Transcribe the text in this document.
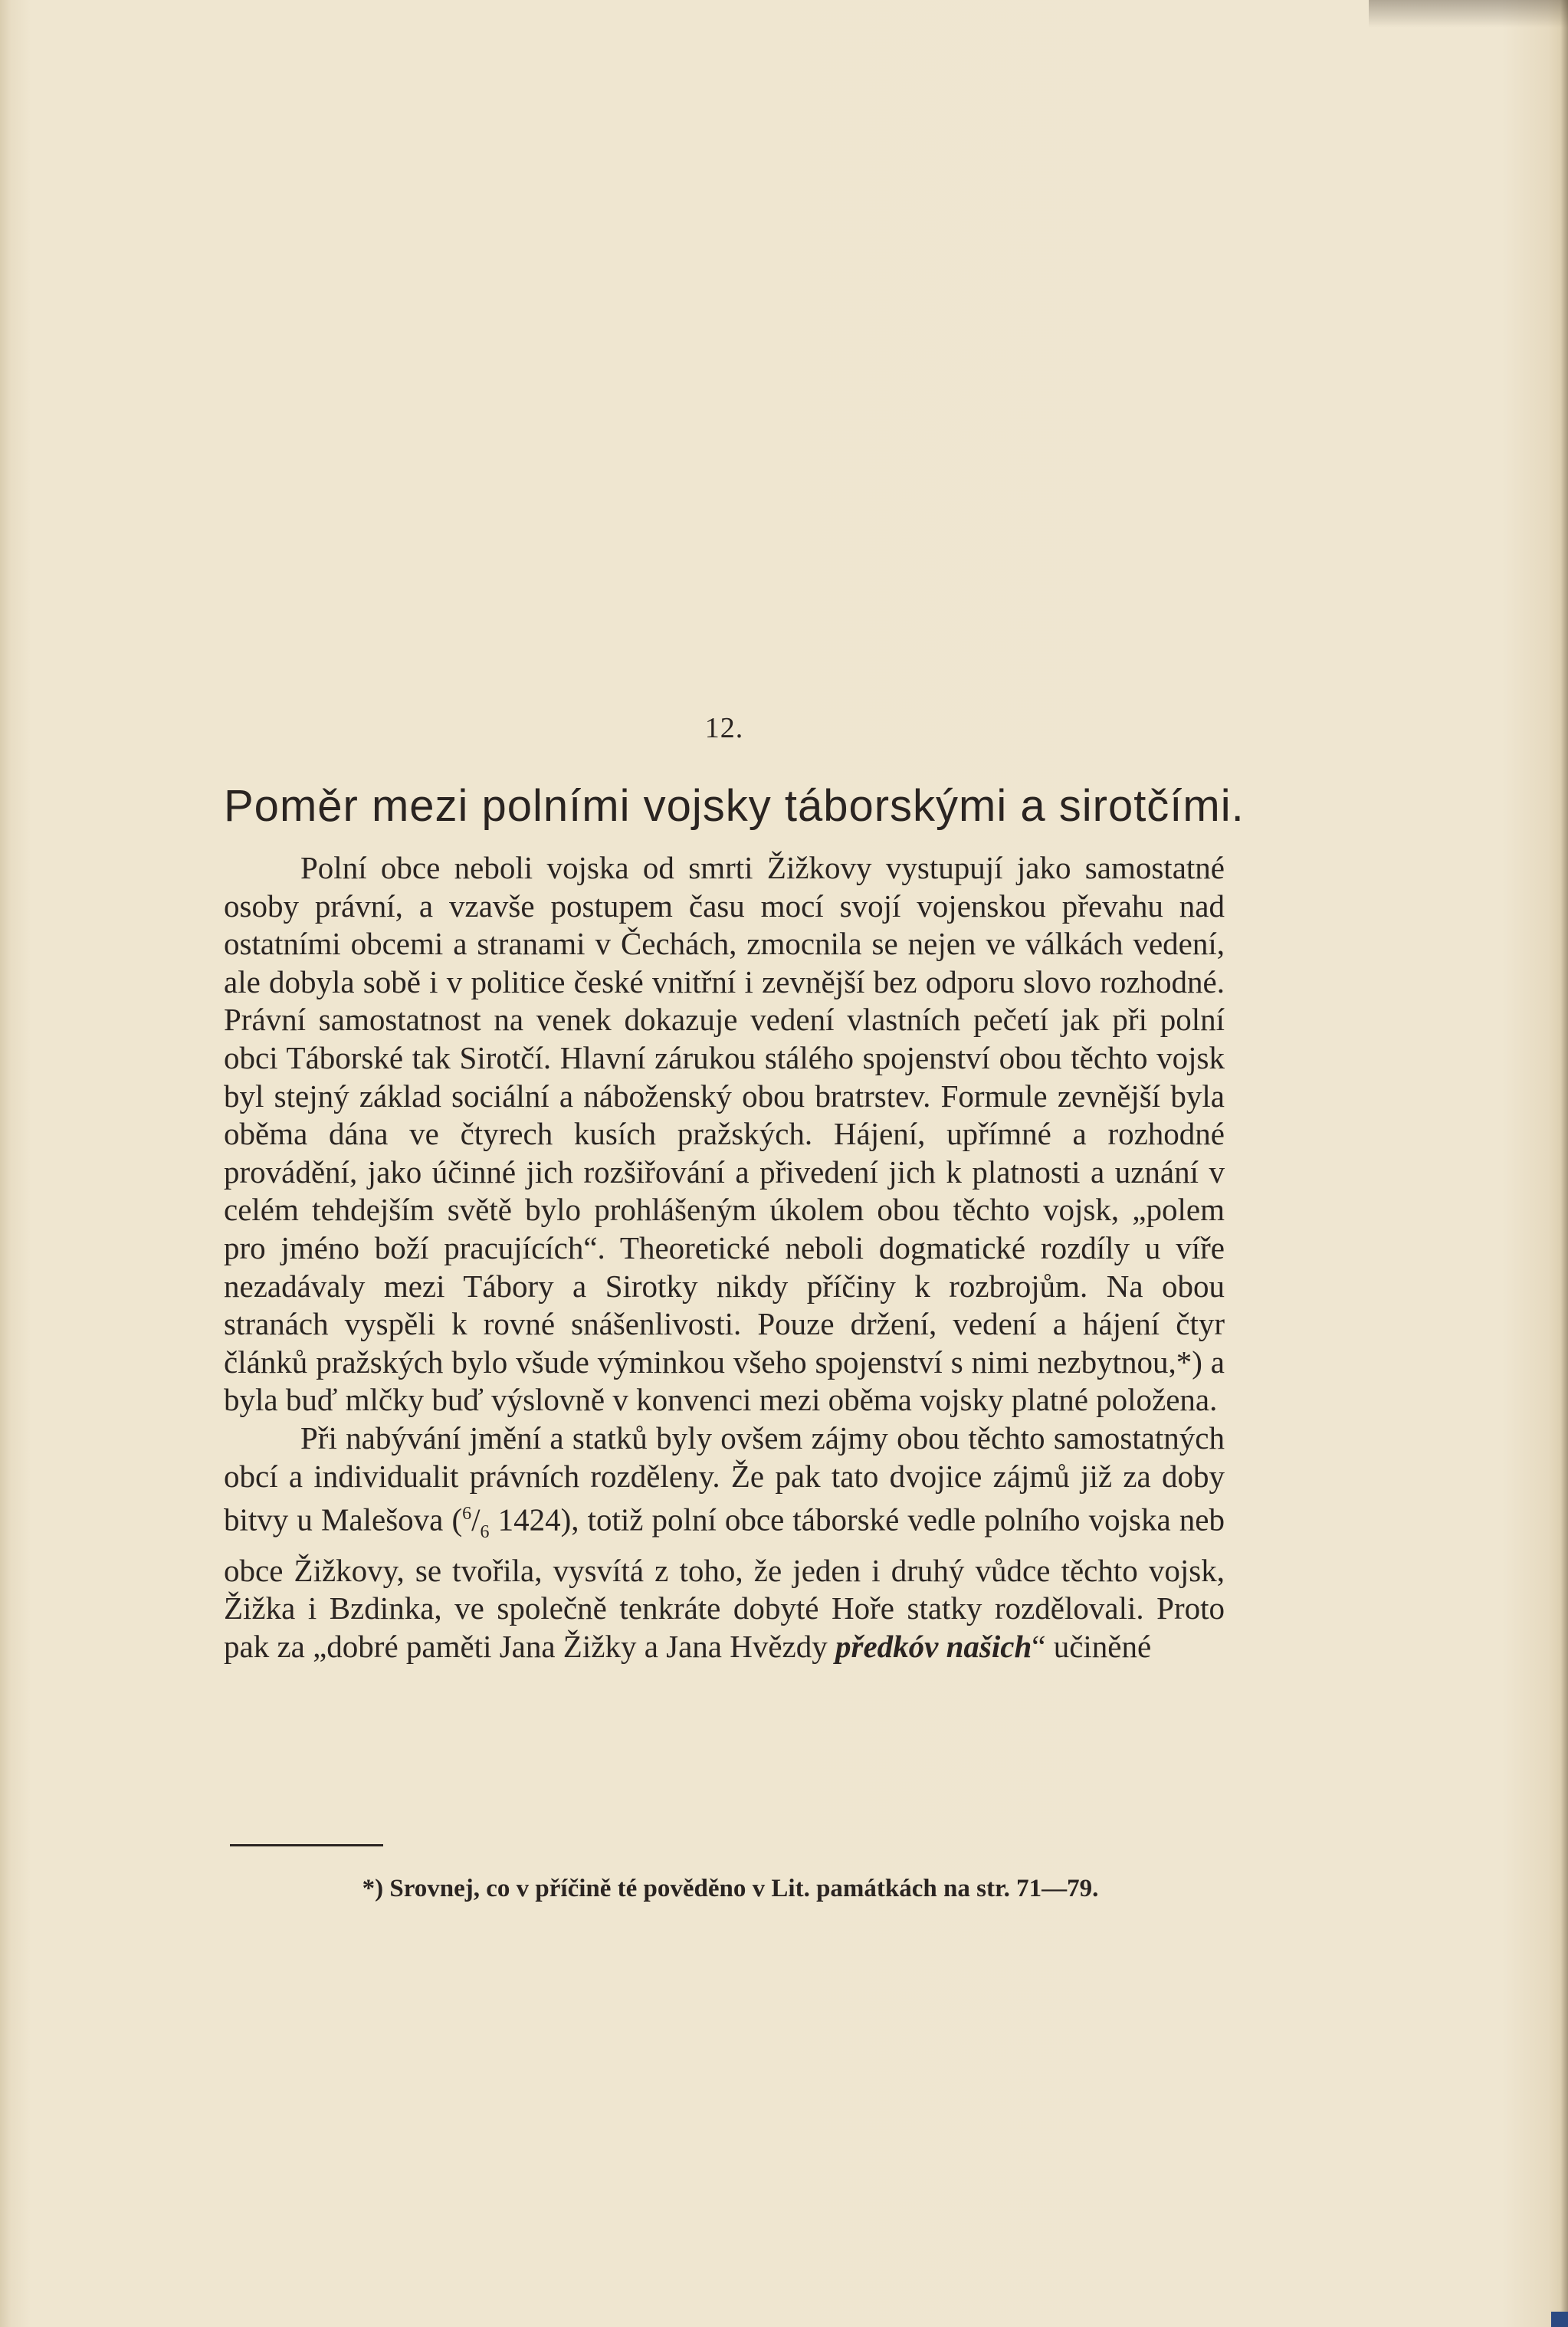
12.
Poměr mezi polními vojsky táborskými a sirotčími.

Polní obce neboli vojska od smrti Žižkovy vystupují jako samostatné osoby právní, a vzavše postupem času mocí svojí vojenskou převahu nad ostatními obcemi a stranami v Čechách, zmocnila se nejen ve válkách vedení, ale dobyla sobě i v politice české vnitřní i zevnější bez odporu slovo rozhodné. Právní samostatnost na venek dokazuje vedení vlastních pečetí jak při polní obci Táborské tak Sirotčí. Hlavní zárukou stálého spojenství obou těchto vojsk byl stejný základ sociální a náboženský obou bratrstev. Formule zevnější byla oběma dána ve čtyrech kusích pražských. Hájení, upřímné a rozhodné provádění, jako účinné jich rozšiřování a přivedení jich k platnosti a uznání v celém tehdejším světě bylo prohlášeným úkolem obou těchto vojsk, „polem pro jméno boží pracujících“. Theoretické neboli dogmatické rozdíly u víře nezadávaly mezi Tábory a Sirotky nikdy příčiny k rozbrojům. Na obou stranách vyspěli k rovné snášenlivosti. Pouze držení, vedení a hájení čtyr článků pražských bylo všude výminkou všeho spojenství s nimi nezbytnou,*) a byla buď mlčky buď výslovně v konvenci mezi oběma vojsky platné položena.

Při nabývání jmění a statků byly ovšem zájmy obou těchto samostatných obcí a individualit právních rozděleny. Že pak tato dvojice zájmů již za doby bitvy u Malešova ($^6/_6$ 1424), totiž polní obce táborské vedle polního vojska neb obce Žižkovy, se tvořila, vysvítá z toho, že jeden i druhý vůdce těchto vojsk, Žižka i Bzdinka, ve společně tenkráte dobyté Hoře statky rozdělovali. Proto pak za „dobré paměti Jana Žižky a Jana Hvězdy předkóv našich“ učiněné

*) Srovnej, co v příčině té pověděno v Lit. památkách na str. 71—79.
